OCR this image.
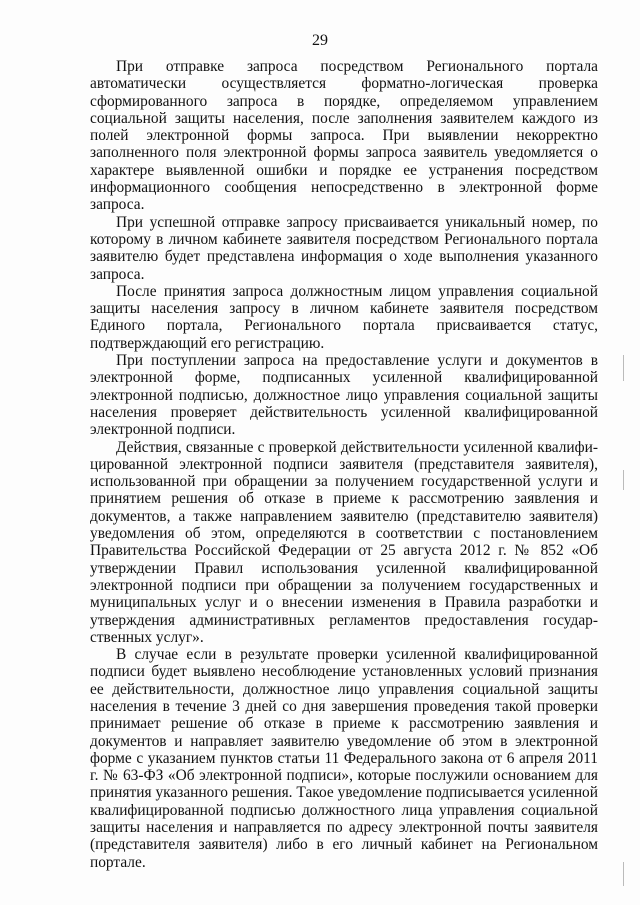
29

При отправке запроса посредством Регионального портала автоматически осуществляется форматно-логическая проверка сформированного запроса в порядке, определяемом управлением социальной защиты населения, после заполнения заявителем каждого из полей электронной формы запроса. При выявлении некорректно заполненного поля электронной формы запроса заявитель уведомляется о характере выявленной ошибки и порядке ее устранения посредством информационного сообщения непосредственно в электронной форме запроса.

При успешной отправке запросу присваивается уникальный номер, по которому в личном кабинете заявителя посредством Регионального портала заявителю будет представлена информация о ходе выполнения указанного запроса.

После принятия запроса должностным лицом управления социальной защиты населения запросу в личном кабинете заявителя посредством Единого портала, Регионального портала присваивается статус, подтверждающий его регистрацию.

При поступлении запроса на предоставление услуги и документов в электронной форме, подписанных усиленной квалифицированной электронной подписью, должностное лицо управления социальной защиты населения проверяет действительность усиленной квалифицированной электронной подписи.

Действия, связанные с проверкой действительности усиленной квалифицированной электронной подписи заявителя (представителя заявителя), использованной при обращении за получением государственной услуги и принятием решения об отказе в приеме к рассмотрению заявления и документов, а также направлением заявителю (представителю заявителя) уведомления об этом, определяются в соответствии с постановлением Правительства Российской Федерации от 25 августа 2012 г. № 852 «Об утверждении Правил использования усиленной квалифицированной электронной подписи при обращении за получением государственных и муниципальных услуг и о внесении изменения в Правила разработки и утверждения административных регламентов предоставления государственных услуг».

В случае если в результате проверки усиленной квалифицированной подписи будет выявлено несоблюдение установленных условий признания ее действительности, должностное лицо управления социальной защиты населения в течение 3 дней со дня завершения проведения такой проверки принимает решение об отказе в приеме к рассмотрению заявления и документов и направляет заявителю уведомление об этом в электронной форме с указанием пунктов статьи 11 Федерального закона от 6 апреля 2011 г. № 63-ФЗ «Об электронной подписи», которые послужили основанием для принятия указанного решения. Такое уведомление подписывается усиленной квалифицированной подписью должностного лица управления социальной защиты населения и направляется по адресу электронной почты заявителя (представителя заявителя) либо в его личный кабинет на Региональном портале.
